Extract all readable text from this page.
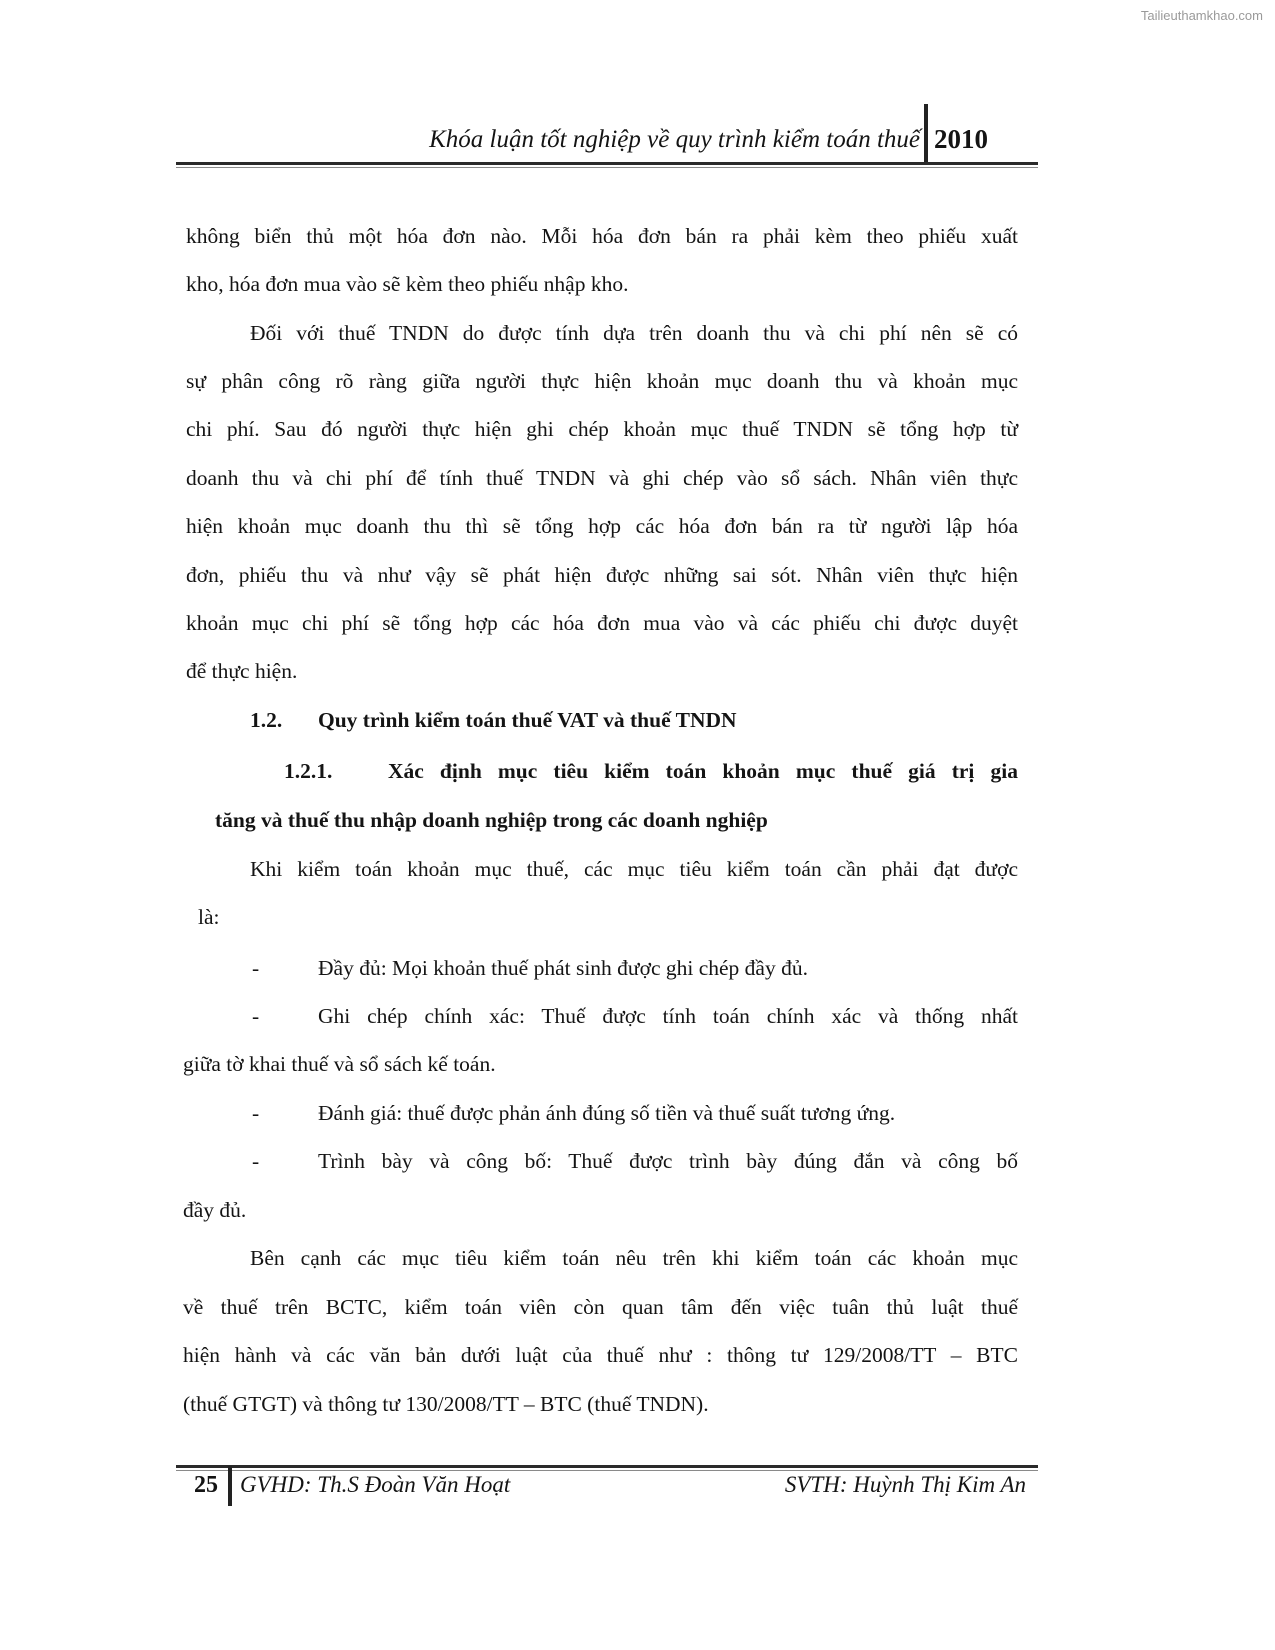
Tailieuthamkhao.com
Khóa luận tốt nghiệp về quy trình kiểm toán thuế 2010

không biển thủ một hóa đơn nào. Mỗi hóa đơn bán ra phải kèm theo phiếu xuất

kho, hóa đơn mua vào sẽ kèm theo phiếu nhập kho.

Đối với thuế TNDN do được tính dựa trên doanh thu và chi phí nên sẽ có

sự phân công rõ ràng giữa người thực hiện khoản mục doanh thu và khoản mục

chi phí. Sau đó người thực hiện ghi chép khoản mục thuế TNDN sẽ tổng hợp từ

doanh thu và chi phí để tính thuế TNDN và ghi chép vào sổ sách. Nhân viên thực

hiện khoản mục doanh thu thì sẽ tổng hợp các hóa đơn bán ra từ người lập hóa

đơn, phiếu thu và như vậy sẽ phát hiện được những sai sót. Nhân viên thực hiện

khoản mục chi phí sẽ tổng hợp các hóa đơn mua vào và các phiếu chi được duyệt

để thực hiện.

1.2. Quy trình kiểm toán thuế VAT và thuế TNDN

1.2.1.	Xác định mục tiêu kiểm toán khoản mục thuế giá trị gia

tăng và thuế thu nhập doanh nghiệp trong các doanh nghiệp

Khi kiểm toán khoản mục thuế, các mục tiêu kiểm toán cần phải đạt được

là:

-	Đầy đủ: Mọi khoản thuế phát sinh được ghi chép đầy đủ.

-	Ghi chép chính xác: Thuế được tính toán chính xác và thống nhất

giữa tờ khai thuế và sổ sách kế toán.

-	Đánh giá: thuế được phản ánh đúng số tiền và thuế suất tương ứng.

-	Trình bày và công bố: Thuế được trình bày đúng đắn và công bố

đầy đủ.

Bên cạnh các mục tiêu kiểm toán nêu trên khi kiểm toán các khoản mục

về thuế trên BCTC, kiểm toán viên còn quan tâm đến việc tuân thủ luật thuế

hiện hành và các văn bản dưới luật của thuế như : thông tư 129/2008/TT – BTC

(thuế GTGT) và thông tư 130/2008/TT – BTC (thuế TNDN).

25 GVHD: Th.S Đoàn Văn Hoạt	SVTH: Huỳnh Thị Kim An
